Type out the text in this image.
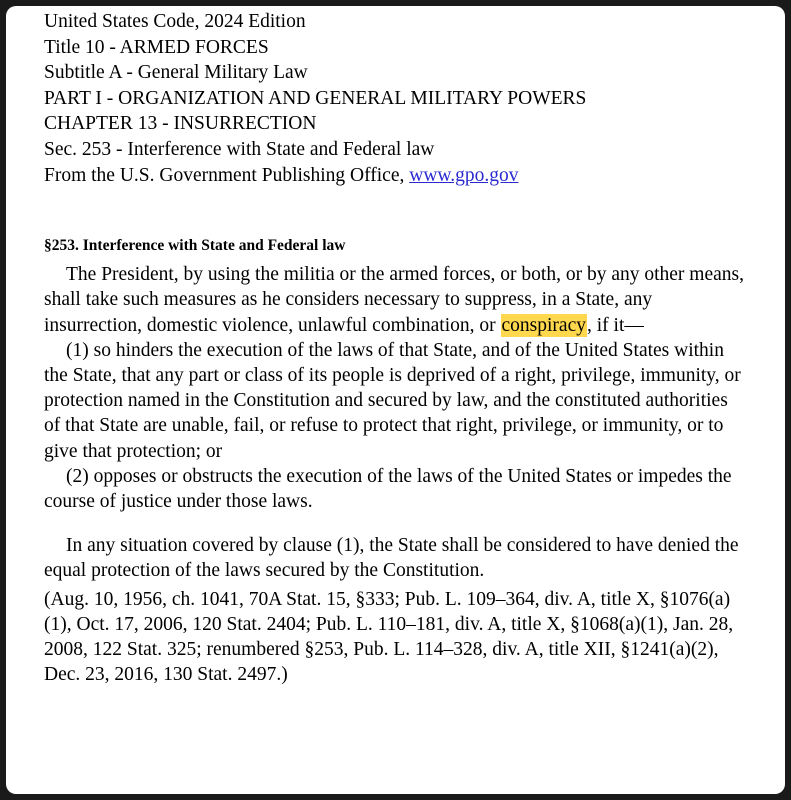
United States Code, 2024 Edition
Title 10 - ARMED FORCES
Subtitle A - General Military Law
PART I - ORGANIZATION AND GENERAL MILITARY POWERS
CHAPTER 13 - INSURRECTION
Sec. 253 - Interference with State and Federal law
From the U.S. Government Publishing Office, www.gpo.gov
§253. Interference with State and Federal law

The President, by using the militia or the armed forces, or both, or by any other means, shall take such measures as he considers necessary to suppress, in a State, any insurrection, domestic violence, unlawful combination, or conspiracy, if it—

(1) so hinders the execution of the laws of that State, and of the United States within the State, that any part or class of its people is deprived of a right, privilege, immunity, or protection named in the Constitution and secured by law, and the constituted authorities of that State are unable, fail, or refuse to protect that right, privilege, or immunity, or to give that protection; or

(2) opposes or obstructs the execution of the laws of the United States or impedes the course of justice under those laws.

In any situation covered by clause (1), the State shall be considered to have denied the equal protection of the laws secured by the Constitution.

(Aug. 10, 1956, ch. 1041, 70A Stat. 15, §333; Pub. L. 109–364, div. A, title X, §1076(a)(1), Oct. 17, 2006, 120 Stat. 2404; Pub. L. 110–181, div. A, title X, §1068(a)(1), Jan. 28, 2008, 122 Stat. 325; renumbered §253, Pub. L. 114–328, div. A, title XII, §1241(a)(2), Dec. 23, 2016, 130 Stat. 2497.)
